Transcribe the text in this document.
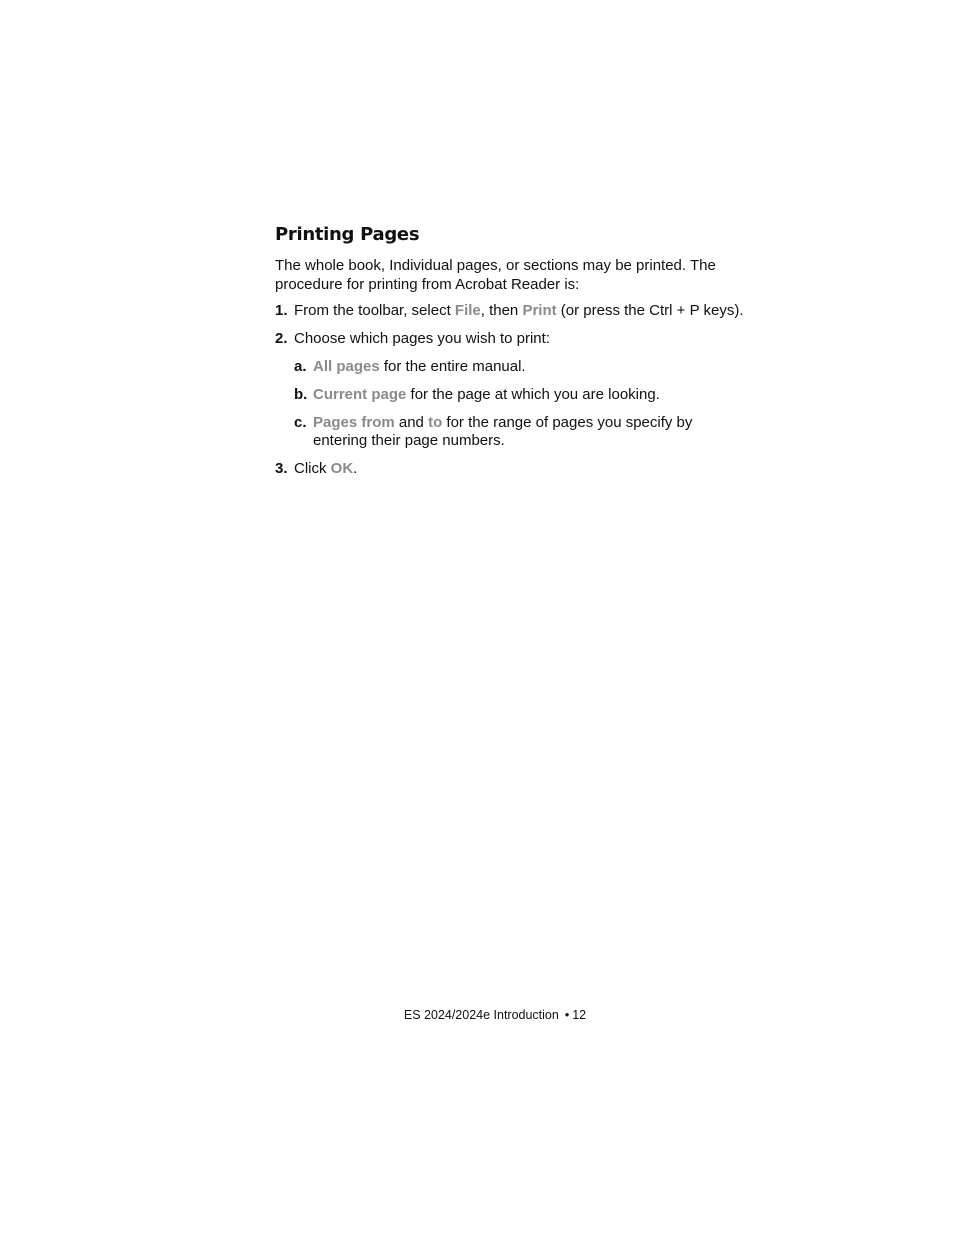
Printing Pages

The whole book, Individual pages, or sections may be printed. The procedure for printing from Acrobat Reader is:

1. From the toolbar, select File, then Print (or press the Ctrl + P keys).
2. Choose which pages you wish to print:
a. All pages for the entire manual.
b. Current page for the page at which you are looking.
c. Pages from and to for the range of pages you specify by entering their page numbers.
3. Click OK.
ES 2024/2024e Introduction • 12
